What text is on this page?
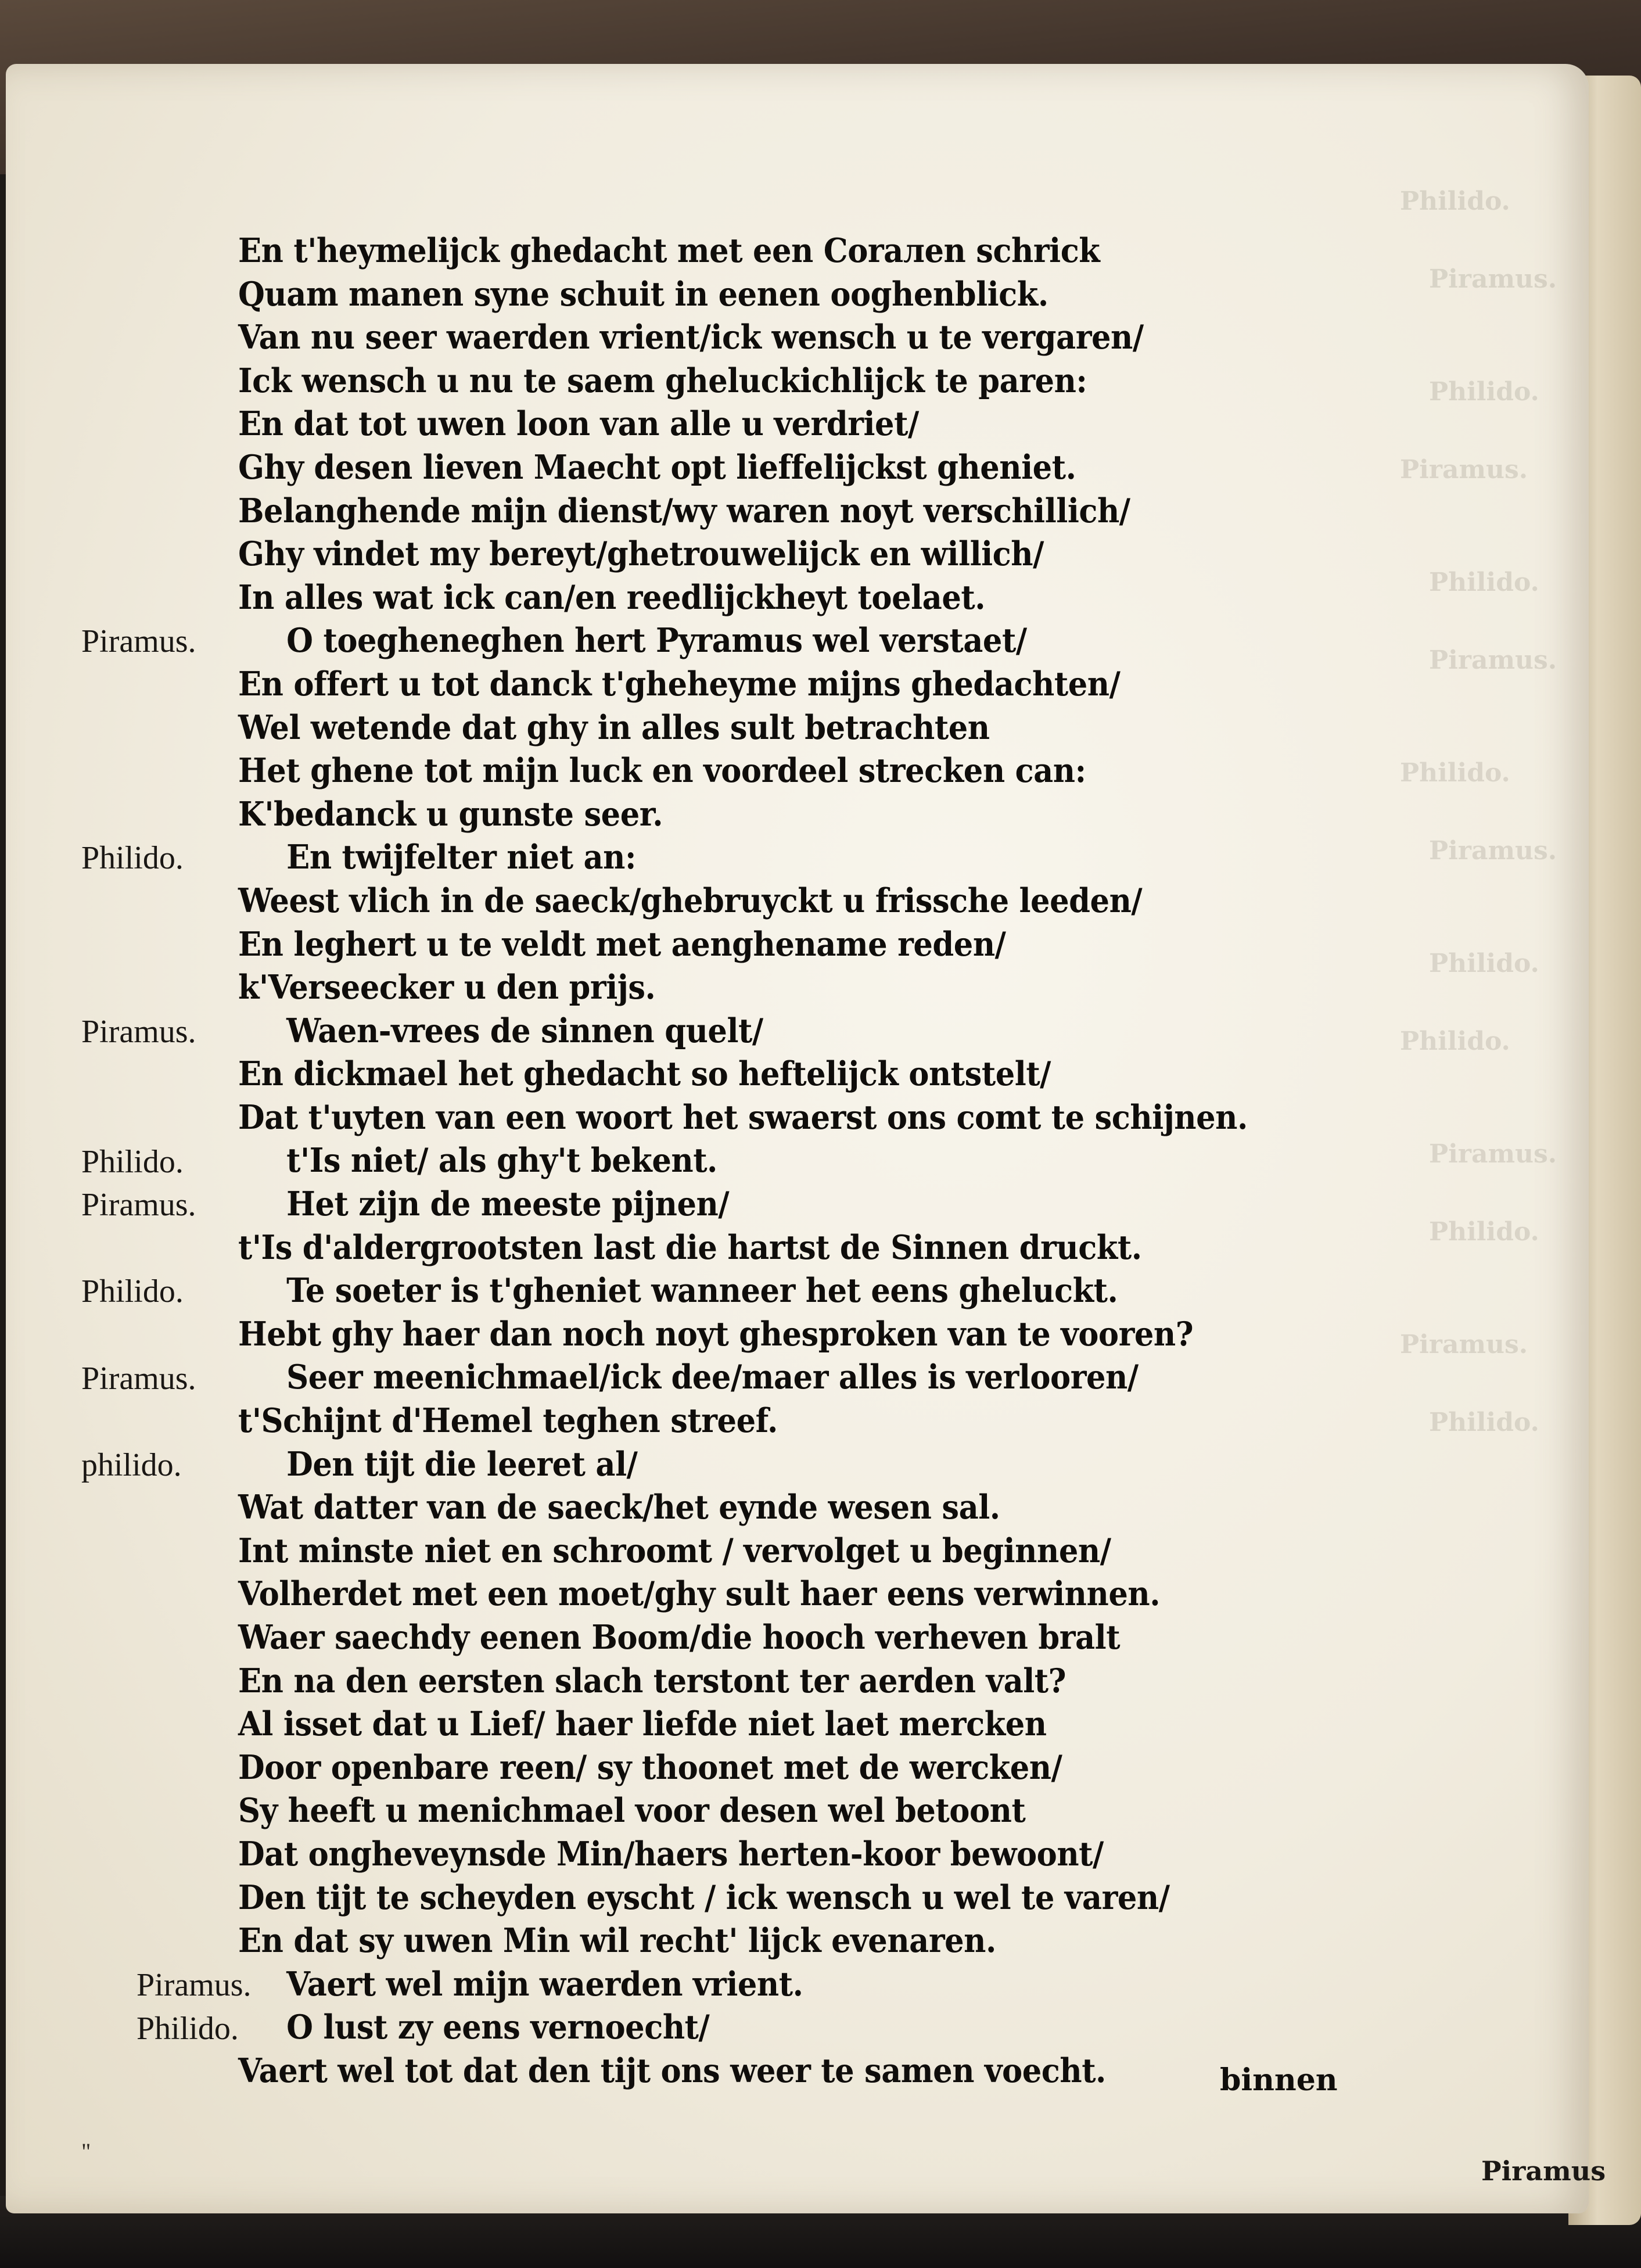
Philido.
Piramus.
Philido.
Piramus.
Philido.
Piramus.
Philido.
Piramus.
Philido.
Philido.
Piramus.
Philido.
Piramus.
Philido.
Piramus.
Philido.
Piramus.
Philido.
Piramus.
Philido.
Piramus.
philido.
Piramus.
Philido.
En t'heymelijck ghedacht met een Corалen schrick
Quam manen syne schuit in eenen ooghenblick.
Van nu seer waerden vrient/ick wensch u te vergaren/
Ick wensch u nu te saem gheluckichlijck te paren:
En dat tot uwen loon van alle u verdriet/
Ghy desen lieven Maecht opt lieffelijckst gheniet.
Belanghende mijn dienst/wy waren noyt verschillich/
Ghy vindet my bereyt/ghetrouwelijck en willich/
In alles wat ick can/en reedlijckheyt toelaet.
O toegheneghen hert Pyramus wel verstaet/
En offert u tot danck t'gheheyme mijns ghedachten/
Wel wetende dat ghy in alles sult betrachten
Het ghene tot mijn luck en voordeel strecken can:
K'bedanck u gunste seer.
En twijfelter niet an:
Weest vlich in de saeck/ghebruyckt u frissche leeden/
En leghert u te veldt met aenghename reden/
k'Verseecker u den prijs.
Waen-vrees de sinnen quelt/
En dickmael het ghedacht so heftelijck ontstelt/
Dat t'uyten van een woort het swaerst ons comt te schijnen.
t'Is niet/ als ghy't bekent.
Het zijn de meeste pijnen/
t'Is d'aldergrootsten last die hartst de Sinnen druckt.
Te soeter is t'gheniet wanneer het eens gheluckt.
Hebt ghy haer dan noch noyt ghesproken van te vooren?
Seer meenichmael/ick dee/maer alles is verlooren/
t'Schijnt d'Hemel teghen streef.
Den tijt die leeret al/
Wat datter van de saeck/het eynde wesen sal.
Int minste niet en schroomt / vervolget u beginnen/
Volherdet met een moet/ghy sult haer eens verwinnen.
Waer saechdy eenen Boom/die hooch verheven bralt
En na den eersten slach terstont ter aerden valt?
Al isset dat u Lief/ haer liefde niet laet mercken
Door openbare reen/ sy thoonet met de wercken/
Sy heeft u menichmael voor desen wel betoont
Dat ongheveynsde Min/haers herten-koor bewoont/
Den tijt te scheyden eyscht / ick wensch u wel te varen/
En dat sy uwen Min wil recht' lijck evenaren.
Vaert wel mijn waerden vrient.
O lust zy eens vernoecht/
Vaert wel tot dat den tijt ons weer te samen voecht.	binnen
Piramus
"
